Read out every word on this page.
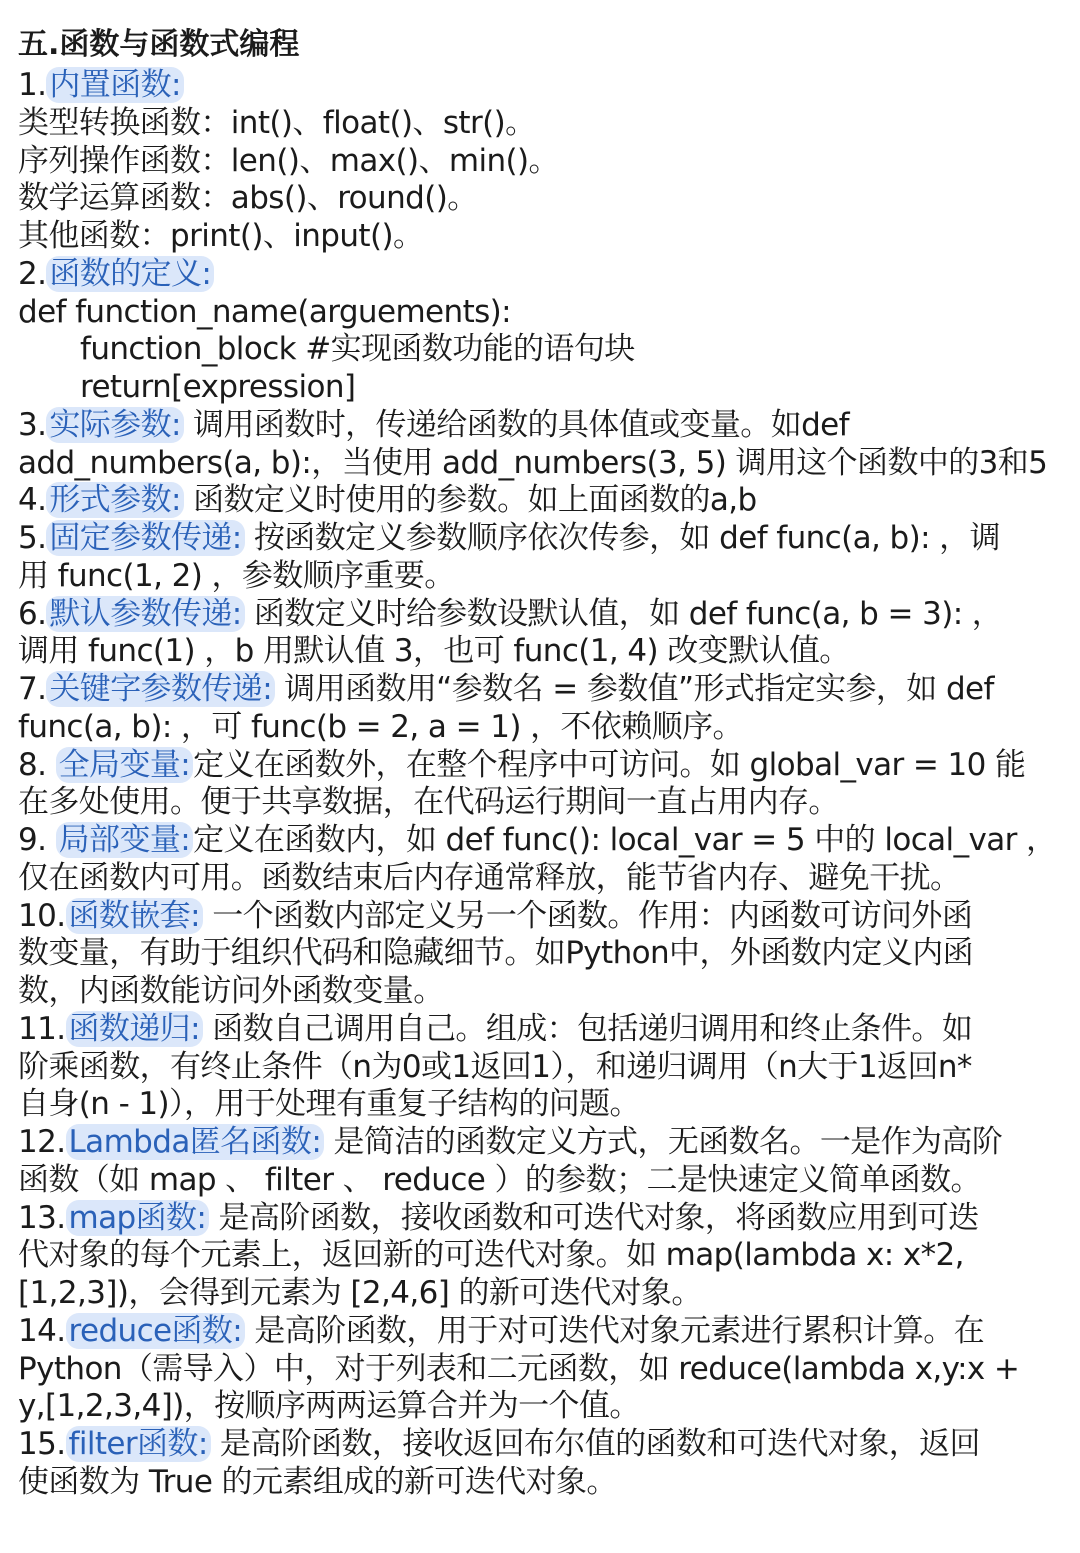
五.函数与函数式编程
1.内置函数:
类型转换函数：int()、float()、str()。
序列操作函数：len()、max()、min()。
数学运算函数：abs()、round()。
其他函数：print()、input()。
2.函数的定义:
def function_name(arguements):
function_block #实现函数功能的语句块
return[expression]
3.实际参数: 调用函数时，传递给函数的具体值或变量。如def
add_numbers(a, b):，当使用 add_numbers(3, 5) 调用这个函数中的3和5
4.形式参数: 函数定义时使用的参数。如上面函数的a,b
5.固定参数传递: 按函数定义参数顺序依次传参，如 def func(a, b): ，调
用 func(1, 2) ，参数顺序重要。
6.默认参数传递: 函数定义时给参数设默认值，如 def func(a, b = 3): ，
调用 func(1) ，b 用默认值 3，也可 func(1, 4) 改变默认值。
7.关键字参数传递: 调用函数用“参数名 = 参数值”形式指定实参，如 def
func(a, b): ，可 func(b = 2, a = 1) ，不依赖顺序。
8. 全局变量:定义在函数外，在整个程序中可访问。如 global_var = 10 能
在多处使用。便于共享数据，在代码运行期间一直占用内存。
9. 局部变量:定义在函数内，如 def func(): local_var = 5 中的 local_var ，
仅在函数内可用。函数结束后内存通常释放，能节省内存、避免干扰。
10.函数嵌套: 一个函数内部定义另一个函数。作用：内函数可访问外函
数变量，有助于组织代码和隐藏细节。如Python中，外函数内定义内函
数，内函数能访问外函数变量。
11.函数递归: 函数自己调用自己。组成：包括递归调用和终止条件。如
阶乘函数，有终止条件（n为0或1返回1），和递归调用（n大于1返回n*
自身(n - 1)），用于处理有重复子结构的问题。
12.Lambda匿名函数: 是简洁的函数定义方式，无函数名。一是作为高阶
函数（如 map 、 filter 、 reduce ）的参数；二是快速定义简单函数。
13.map函数: 是高阶函数，接收函数和可迭代对象，将函数应用到可迭
代对象的每个元素上，返回新的可迭代对象。如 map(lambda x: x*2,
[1,2,3])，会得到元素为 [2,4,6] 的新可迭代对象。
14.reduce函数: 是高阶函数，用于对可迭代对象元素进行累积计算。在
Python（需导入）中，对于列表和二元函数，如 reduce(lambda x,y:x +
y,[1,2,3,4])，按顺序两两运算合并为一个值。
15.filter函数: 是高阶函数，接收返回布尔值的函数和可迭代对象，返回
使函数为 True 的元素组成的新可迭代对象。
